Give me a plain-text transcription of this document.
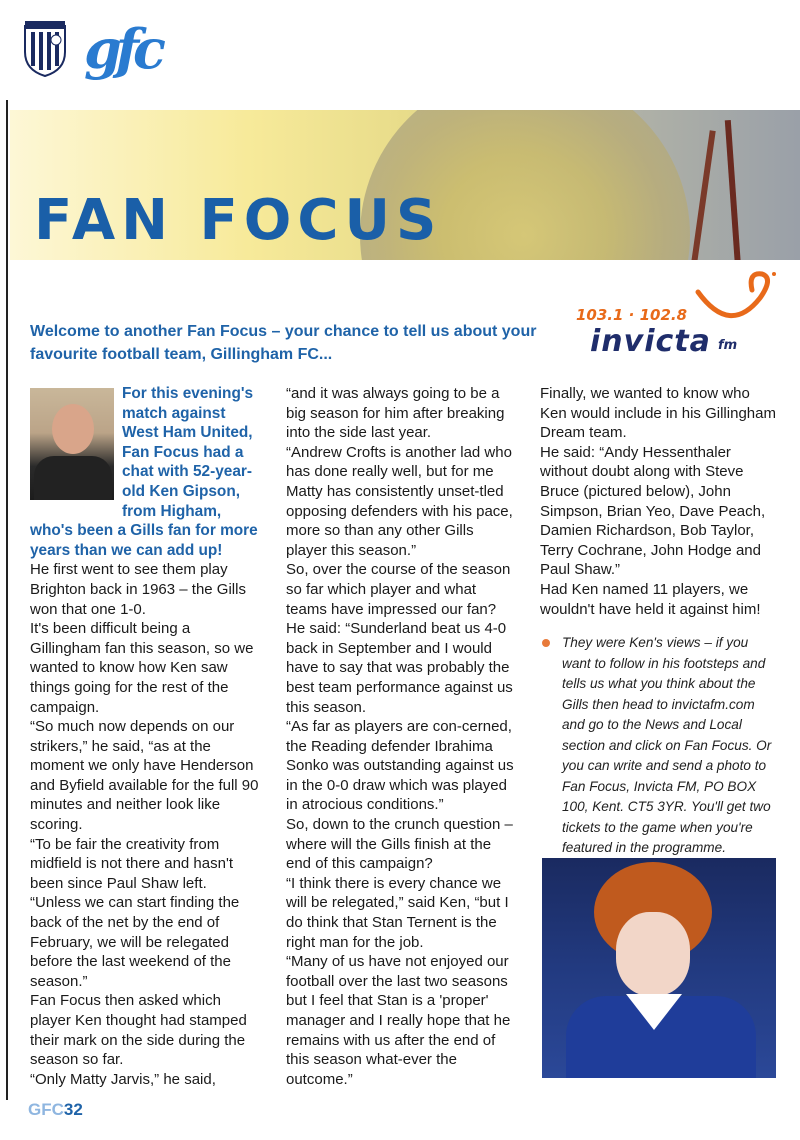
gfc
FAN FOCUS
Welcome to another Fan Focus – your chance to tell us about your favourite football team, Gillingham FC...
103.1 · 102.8
invicta fm

For this evening's match against West Ham United, Fan Focus had a chat with 52-year-old Ken Gipson, from Higham, who's been a Gills fan for more years than we can add up!

He first went to see them play Brighton back in 1963 – the Gills won that one 1-0.

It's been difficult being a Gillingham fan this season, so we wanted to know how Ken saw things going for the rest of the campaign.

“So much now depends on our strikers,” he said, “as at the moment we only have Henderson and Byfield available for the full 90 minutes and neither look like scoring.

“To be fair the creativity from midfield is not there and hasn't been since Paul Shaw left.

“Unless we can start finding the back of the net by the end of February, we will be relegated before the last weekend of the season.”

Fan Focus then asked which player Ken thought had stamped their mark on the side during the season so far.

“Only Matty Jarvis,” he said,

“and it was always going to be a big season for him after breaking into the side last year.

“Andrew Crofts is another lad who has done really well, but for me Matty has consistently unset-tled opposing defenders with his pace, more so than any other Gills player this season.”

So, over the course of the season so far which player and what teams have impressed our fan?

He said: “Sunderland beat us 4-0 back in September and I would have to say that was probably the best team performance against us this season.

“As far as players are con-cerned, the Reading defender Ibrahima Sonko was outstanding against us in the 0-0 draw which was played in atrocious conditions.”

So, down to the crunch question – where will the Gills finish at the end of this campaign?

“I think there is every chance we will be relegated,” said Ken, “but I do think that Stan Ternent is the right man for the job.

“Many of us have not enjoyed our football over the last two seasons but I feel that Stan is a 'proper' manager and I really hope that he remains with us after the end of this season what-ever the outcome.”

Finally, we wanted to know who Ken would include in his Gillingham Dream team.

He said: “Andy Hessenthaler without doubt along with Steve Bruce (pictured below), John Simpson, Brian Yeo, Dave Peach, Damien Richardson, Bob Taylor, Terry Cochrane, John Hodge and Paul Shaw.”

Had Ken named 11 players, we wouldn't have held it against him!

They were Ken's views – if you want to follow in his footsteps and tells us what you think about the Gills then head to invictafm.com and go to the News and Local section and click on Fan Focus. Or you can write and send a photo to Fan Focus, Invicta FM, PO BOX 100, Kent. CT5 3YR. You'll get two tickets to the game when you're featured in the programme.
GFC32
